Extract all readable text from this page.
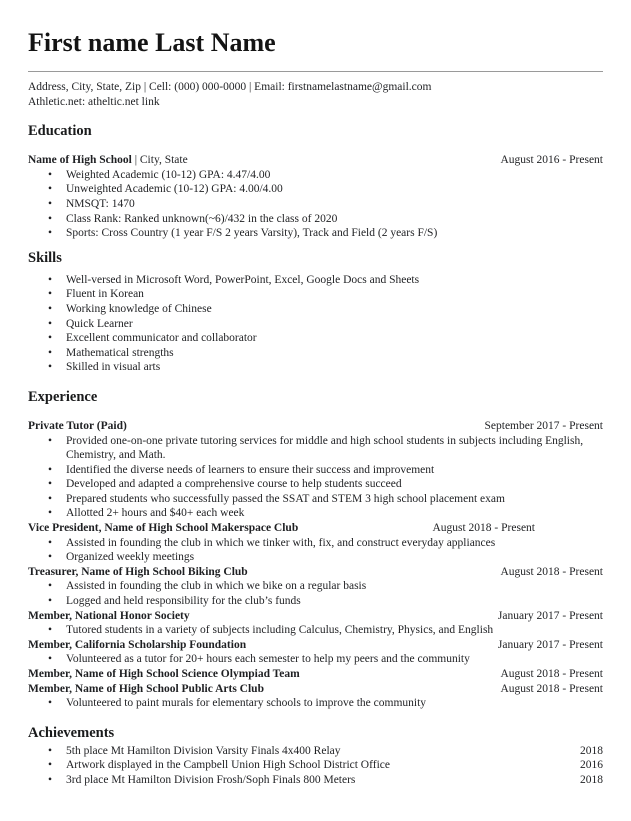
First name Last Name
Address, City, State, Zip | Cell: (000) 000-0000 | Email: firstnamelastname@gmail.com
Athletic.net: atheltic.net link
Education
Name of High School | City, State	August 2016 - Present
• Weighted Academic (10-12) GPA: 4.47/4.00
• Unweighted Academic (10-12) GPA: 4.00/4.00
• NMSQT: 1470
• Class Rank: Ranked unknown(~6)/432 in the class of 2020
• Sports: Cross Country (1 year F/S 2 years Varsity), Track and Field (2 years F/S)
Skills
• Well-versed in Microsoft Word, PowerPoint, Excel, Google Docs and Sheets
• Fluent in Korean
• Working knowledge of Chinese
• Quick Learner
• Excellent communicator and collaborator
• Mathematical strengths
• Skilled in visual arts
Experience
Private Tutor (Paid)	September 2017 - Present
• Provided one-on-one private tutoring services for middle and high school students in subjects including English, Chemistry, and Math.
• Identified the diverse needs of learners to ensure their success and improvement
• Developed and adapted a comprehensive course to help students succeed
• Prepared students who successfully passed the SSAT and STEM 3 high school placement exam
• Allotted 2+ hours and $40+ each week
Vice President, Name of High School Makerspace Club	August 2018 - Present
• Assisted in founding the club in which we tinker with, fix, and construct everyday appliances
• Organized weekly meetings
Treasurer, Name of High School Biking Club	August 2018 - Present
• Assisted in founding the club in which we bike on a regular basis
• Logged and held responsibility for the club’s funds
Member, National Honor Society	January 2017 - Present
• Tutored students in a variety of subjects including Calculus, Chemistry, Physics, and English
Member, California Scholarship Foundation	January 2017 - Present
• Volunteered as a tutor for 20+ hours each semester to help my peers and the community
Member, Name of High School Science Olympiad Team	August 2018 - Present
Member, Name of High School Public Arts Club	August 2018 - Present
• Volunteered to paint murals for elementary schools to improve the community
Achievements
• 5th place Mt Hamilton Division Varsity Finals 4x400 Relay	2018
• Artwork displayed in the Campbell Union High School District Office	2016
• 3rd place Mt Hamilton Division Frosh/Soph Finals 800 Meters	2018
